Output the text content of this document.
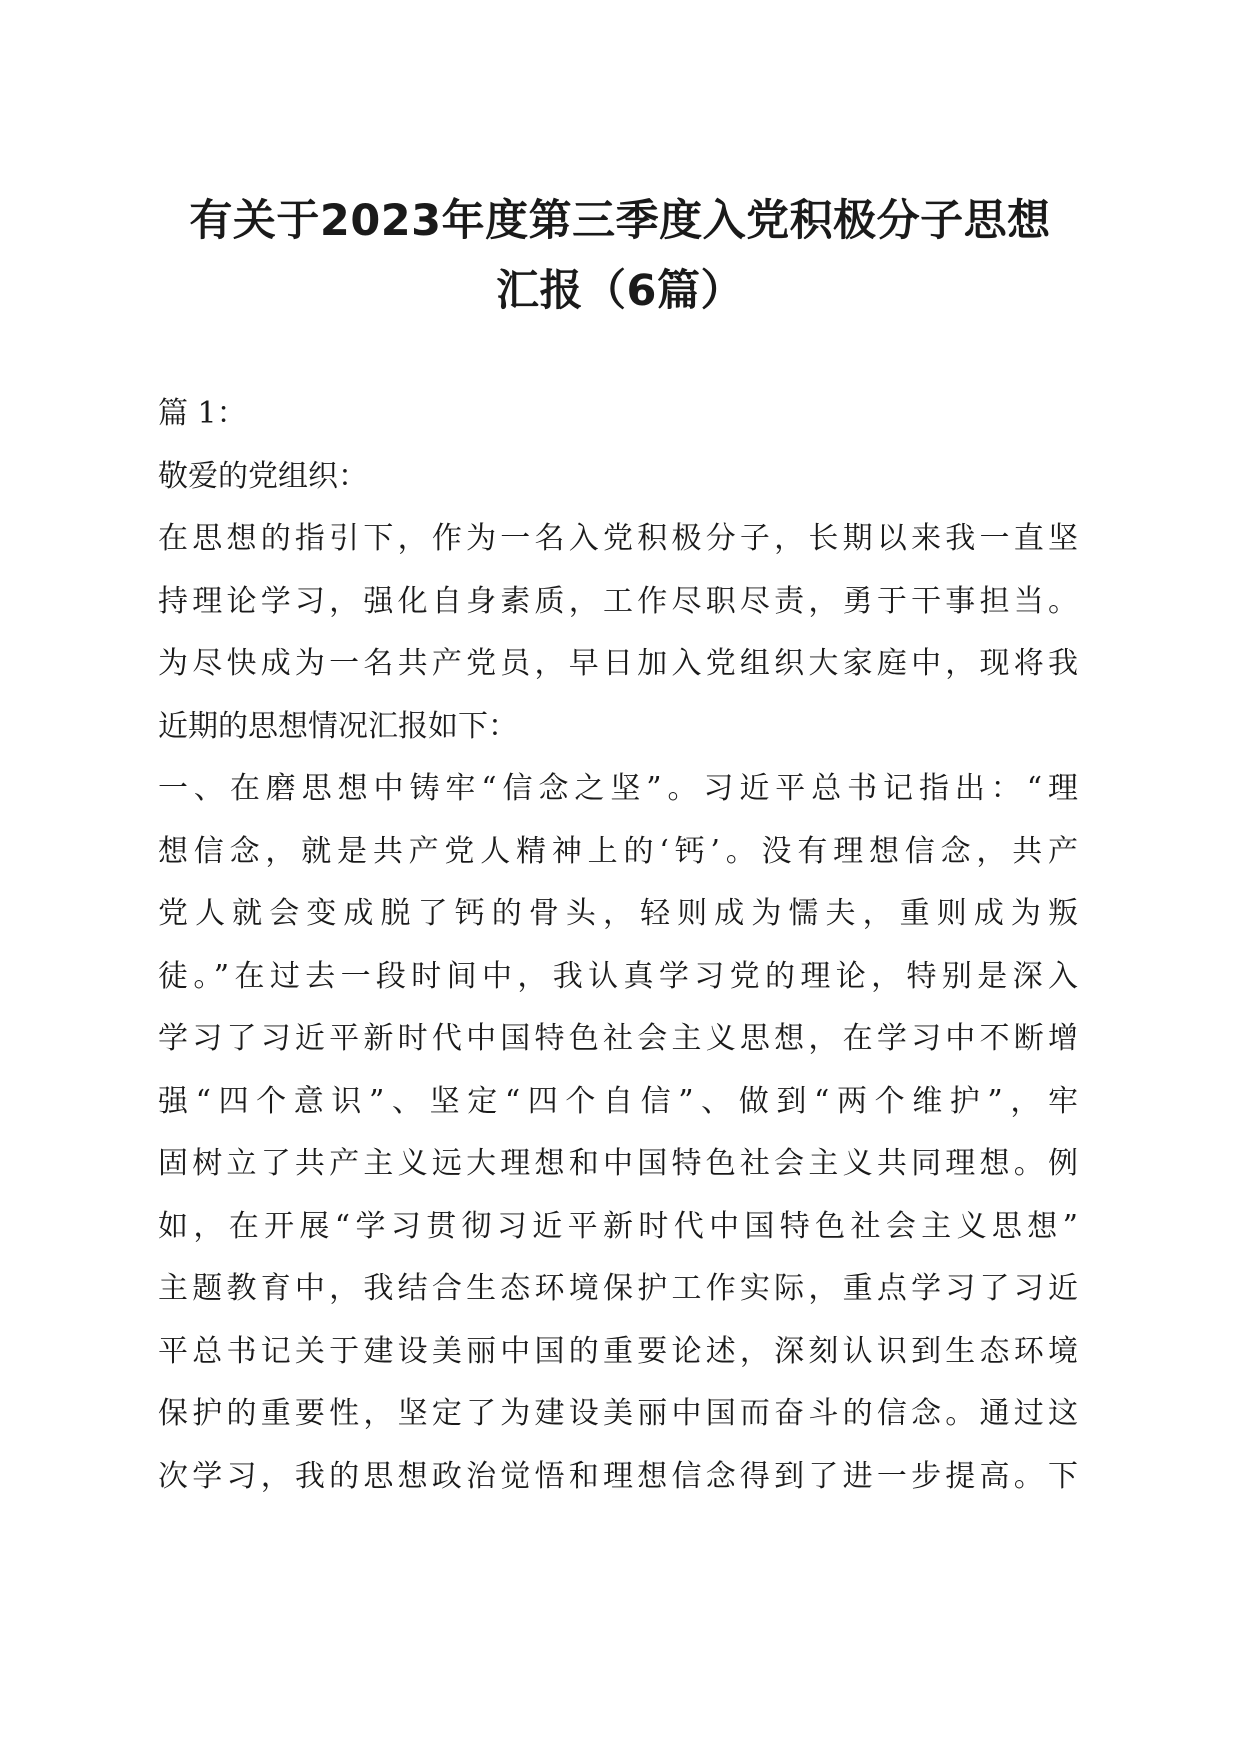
有关于2023年度第三季度入党积极分子思想
汇报（6篇）
篇 1：
敬爱的党组织：
在思想的指引下，作为一名入党积极分子，长期以来我一直坚
持理论学习，强化自身素质，工作尽职尽责，勇于干事担当。
为尽快成为一名共产党员，早日加入党组织大家庭中，现将我
近期的思想情况汇报如下：
一、在磨思想中铸牢“信念之坚”。习近平总书记指出：“理
想信念，就是共产党人精神上的‘钙’。没有理想信念，共产
党人就会变成脱了钙的骨头，轻则成为懦夫，重则成为叛
徒。”在过去一段时间中，我认真学习党的理论，特别是深入
学习了习近平新时代中国特色社会主义思想，在学习中不断增
强“四个意识”、坚定“四个自信”、做到“两个维护”，牢
固树立了共产主义远大理想和中国特色社会主义共同理想。例
如，在开展“学习贯彻习近平新时代中国特色社会主义思想”
主题教育中，我结合生态环境保护工作实际，重点学习了习近
平总书记关于建设美丽中国的重要论述，深刻认识到生态环境
保护的重要性，坚定了为建设美丽中国而奋斗的信念。通过这
次学习，我的思想政治觉悟和理想信念得到了进一步提高。下
